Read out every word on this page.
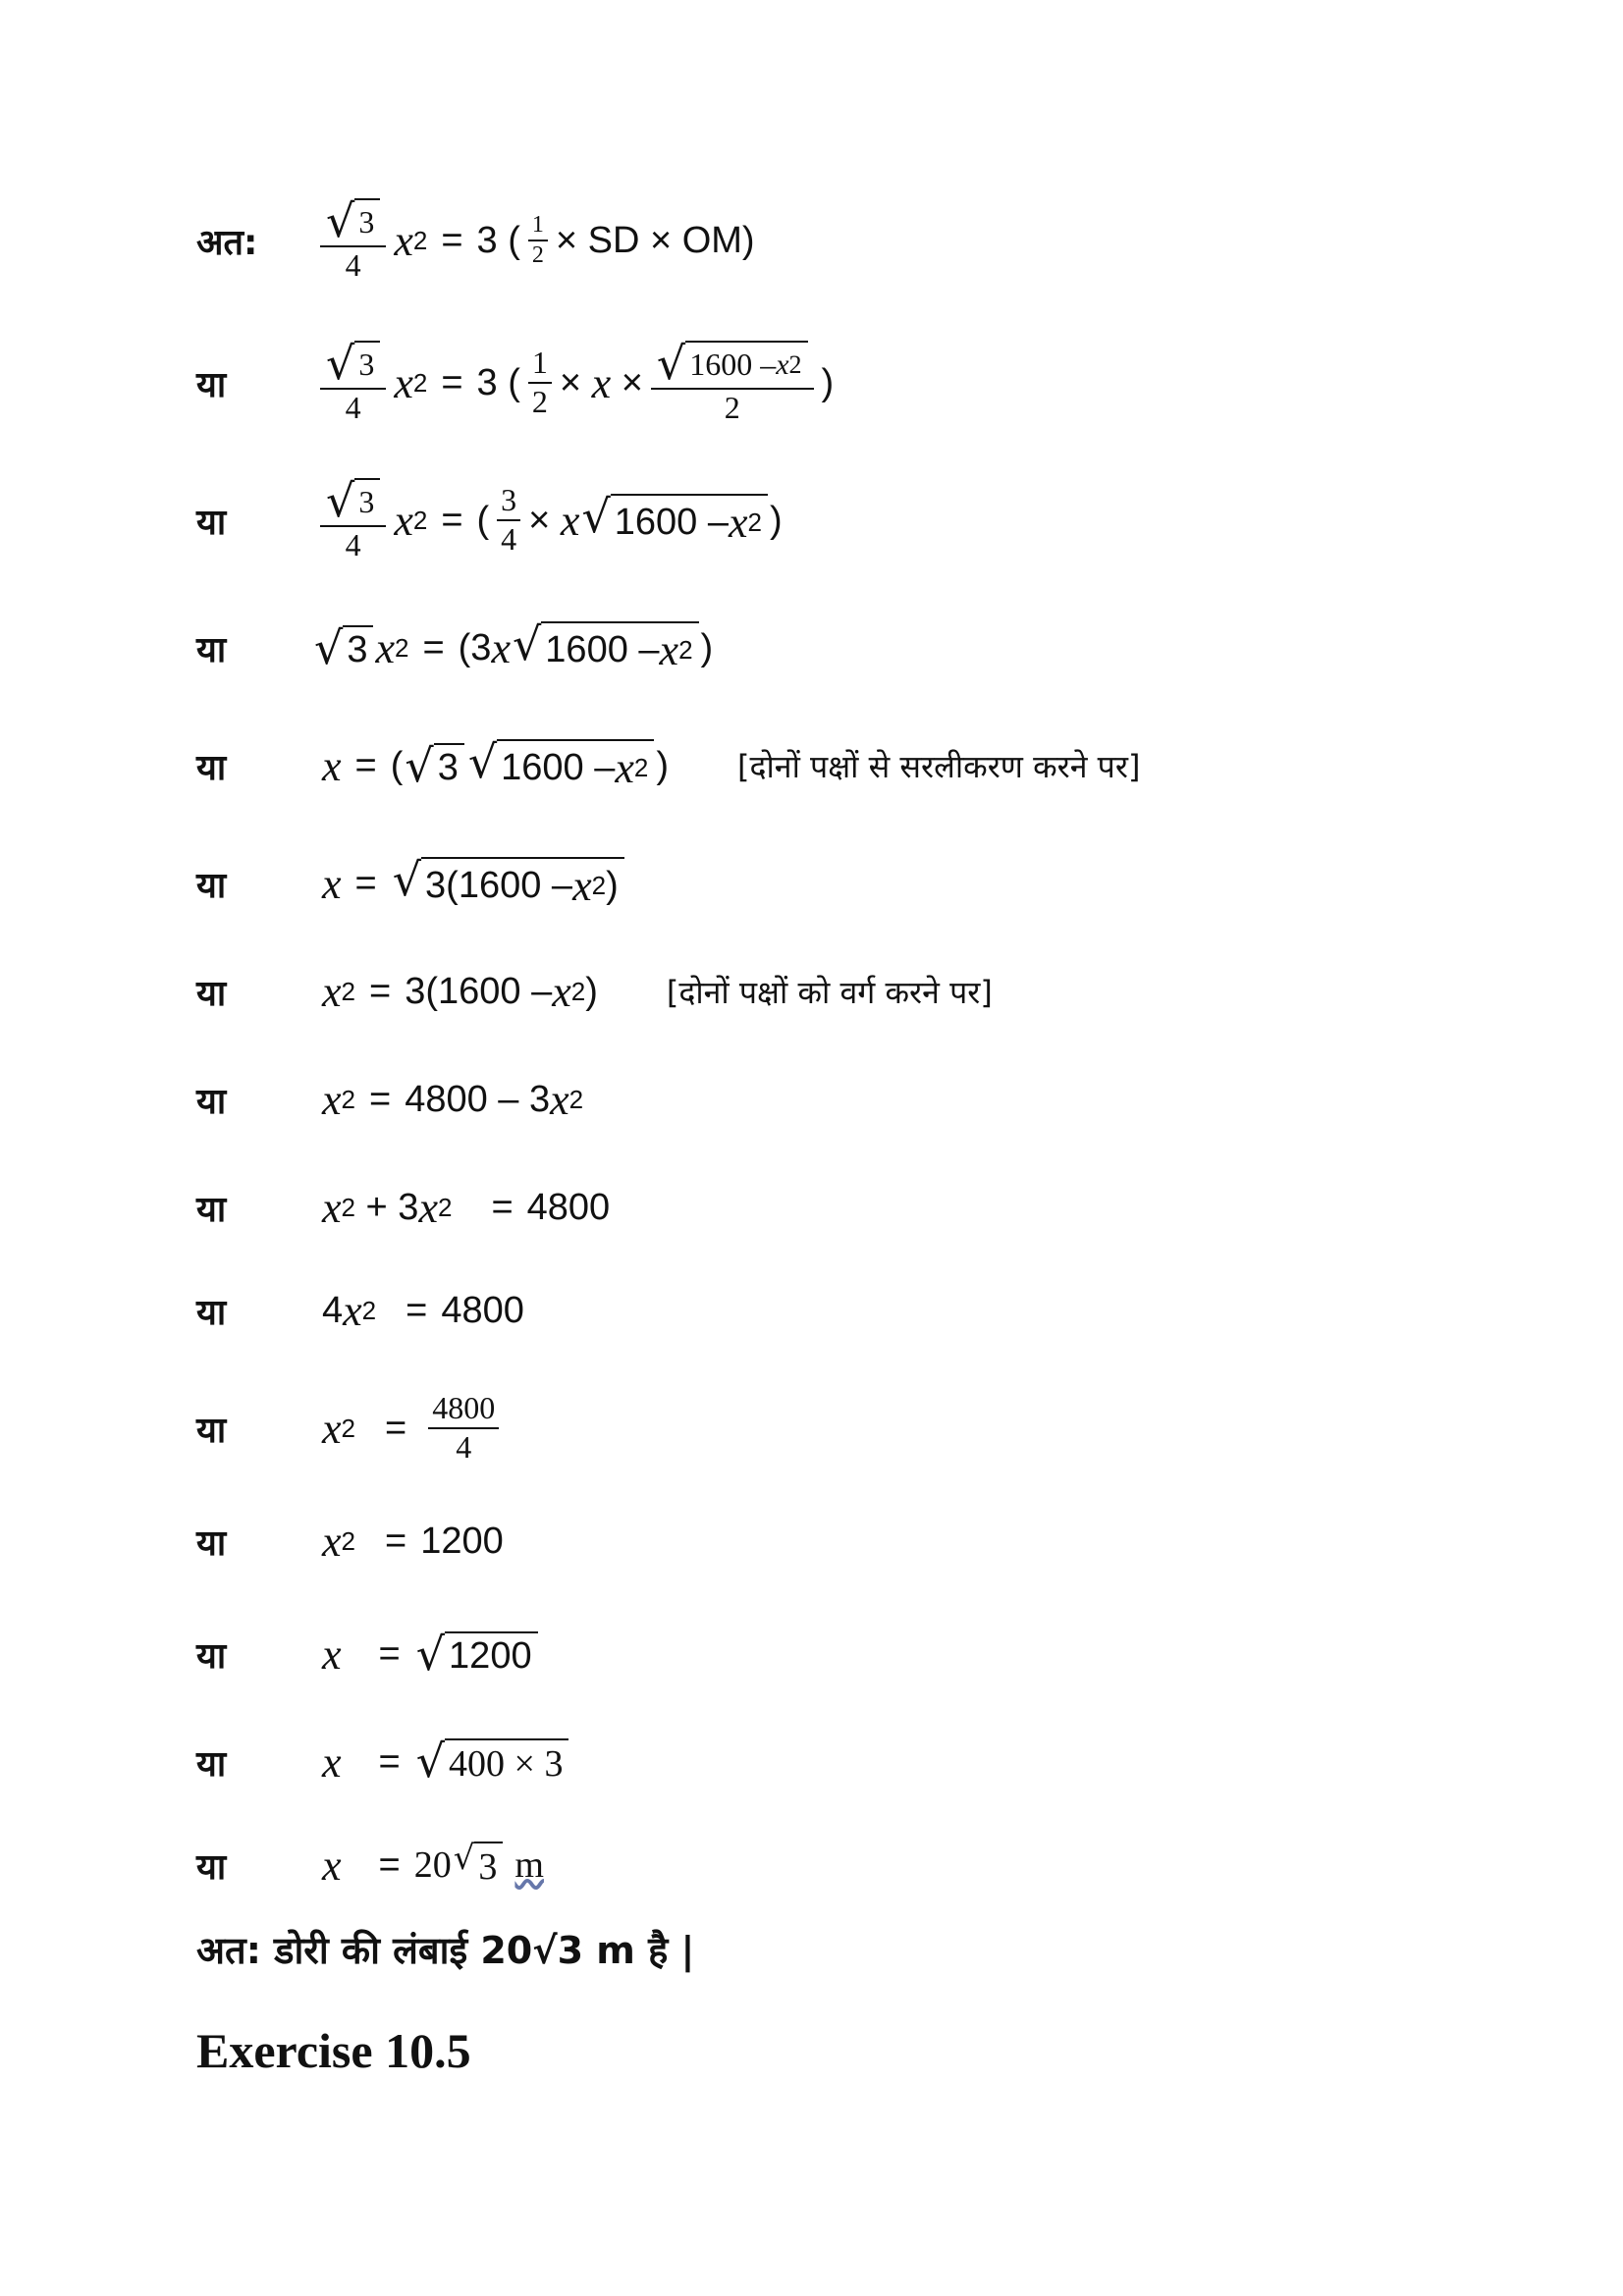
अत:	$\frac{√ 3}{4}$ x 2 = 3 ( $\frac{1}{2}$ × SD × OM)
या	$\frac{√ 3}{4}$ x 2 = 3 ( $\frac{1}{2} \times x \times \frac{√ 1600 - x 2}{2}$ )
या	$\frac{√ 3}{4}$ x 2 = ( $\frac{3}{4} \times x$ √ 1600 – x 2 )
या	√ 3 x 2 = (3 x √ 1600 – x 2 )
या	x = ( √ 3 √ 1600 – x 2 ) [दोनों पक्षों से सरलीकरण करने पर]
या	x = √ 3( 1600 – x 2 )
या	x 2 = 3( 1600 – x 2 ) [दोनों पक्षों को वर्ग करने पर]
या	x 2 = 4800 – 3 x 2
या	x 2 + 3 x 2 = 4800
या	4 x 2 = 4800
या	x $2 = \frac{4800}{4}$
या	x 2 = 1200
या	x = √ 1200
या	x = √ 400 × 3
या	x = 20 √ 3 m
अत: डोरी की लंबाई 20√3 m है |
Exercise 10.5
